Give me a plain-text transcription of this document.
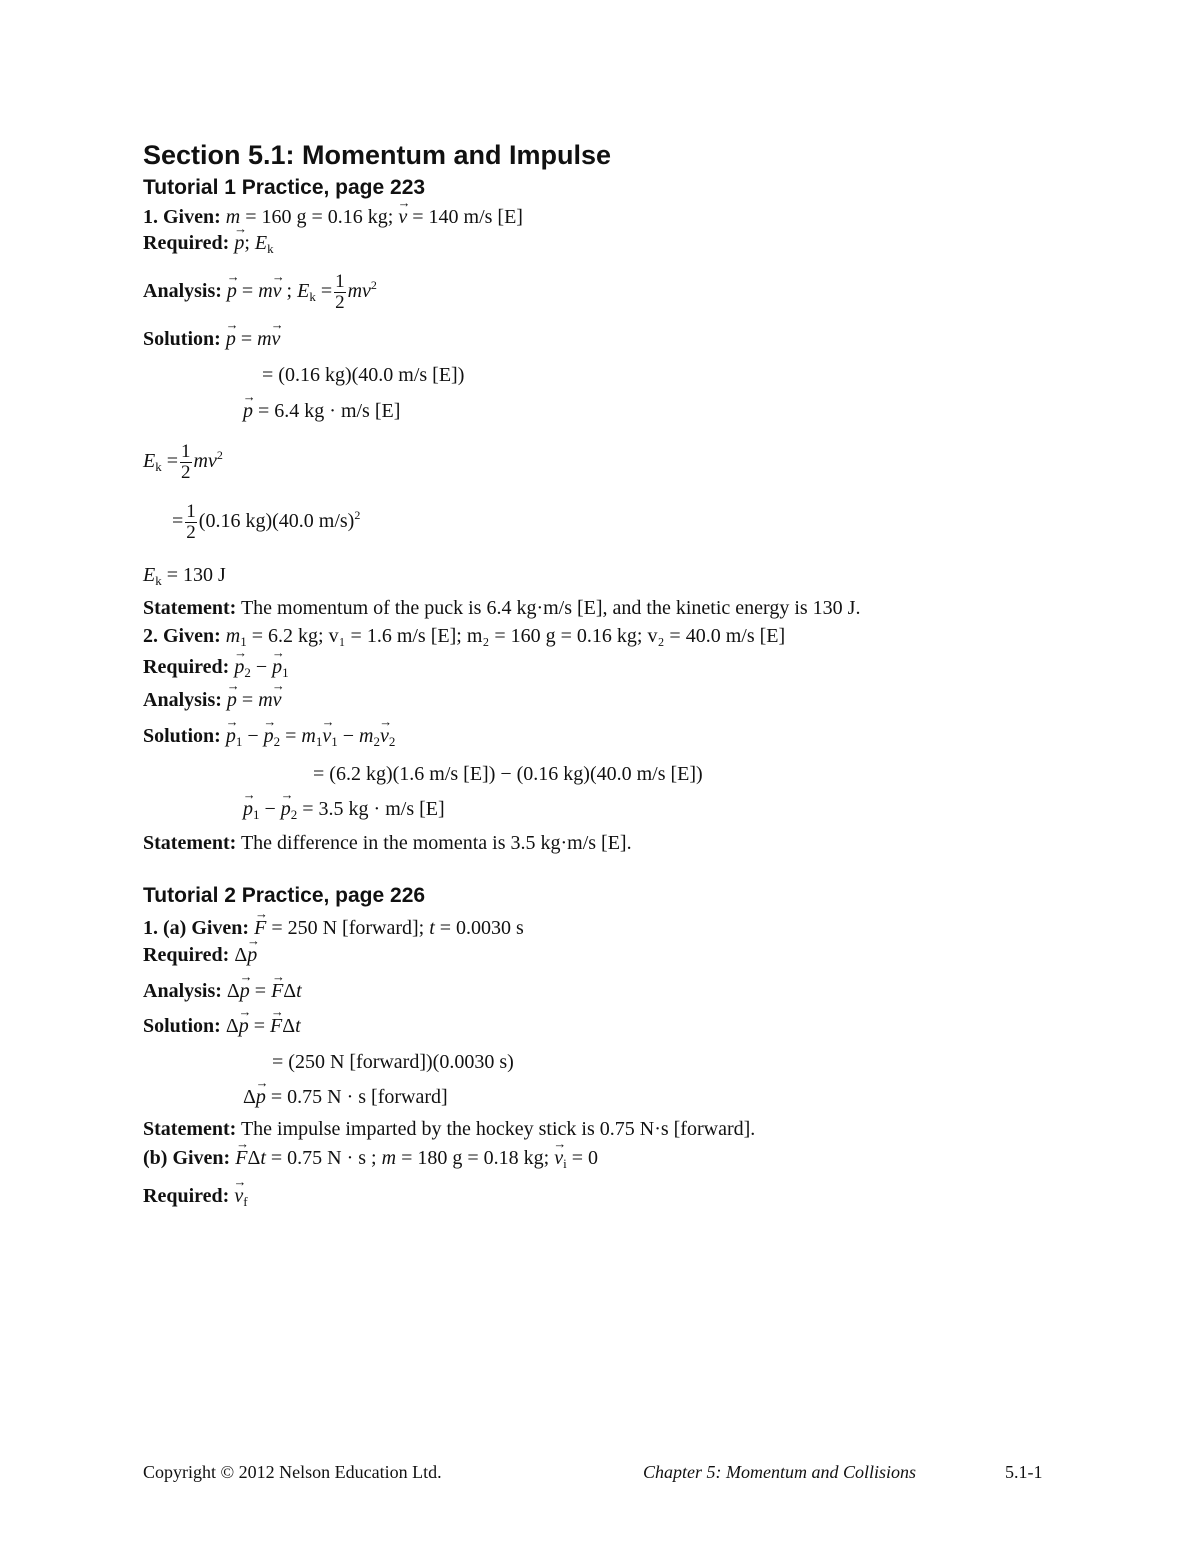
Section 5.1: Momentum and Impulse
Tutorial 1 Practice, page 223
1. Given: m = 160 g = 0.16 kg; → v = 140 m/s [E]
Required: → p; $E_k$
Analysis: → p = m→ v ; $E_k = \frac{1}{2} mv^2$
Solution: → p = m→ v
= (0.16 kg)(40.0 m/s [E])
→ p = 6.4 kg · m/s [E]
$E_k = \frac{1}{2} mv^2$
= $\frac{1}{2} (0.16$ kg)(40.0 m/s)$^2$
$E_k = 130$ J
Statement: The momentum of the puck is 6.4 kg·m/s [E], and the kinetic energy is 130 J.
2. Given: $m_1 = 6.2$ kg; v₁ = 1.6 m/s [E]; m₂ = 160 g = 0.16 kg; v₂ = 40.0 m/s [E]
Required: → $p_2$ − → $p_1$
Analysis: → p = m→ v
Solution: → $p_1$ − → $p_2 = m_1\to v_1 - m_2\to v_2$
= (6.2 kg)(1.6 m/s [E]) − (0.16 kg)(40.0 m/s [E])
→ $p_1$ − → $p_2 = 3.5$ kg · m/s [E]
Statement: The difference in the momenta is 3.5 kg·m/s [E].
Tutorial 2 Practice, page 226
1. (a) Given: → F = 250 N [forward]; t = 0.0030 s
Required: Δ→ p
Analysis: Δ→ p = → FΔt
Solution: Δ→ p = → FΔt
= (250 N [forward])(0.0030 s)
Δ→ p = 0.75 N · s [forward]
Statement: The impulse imparted by the hockey stick is 0.75 N·s [forward].
(b) Given: → FΔt = 0.75 N · s ; m = 180 g = 0.18 kg; → $v_i = 0$
Required: → $v_f$
Copyright © 2012 Nelson Education Ltd.	Chapter 5: Momentum and Collisions	5.1-1
